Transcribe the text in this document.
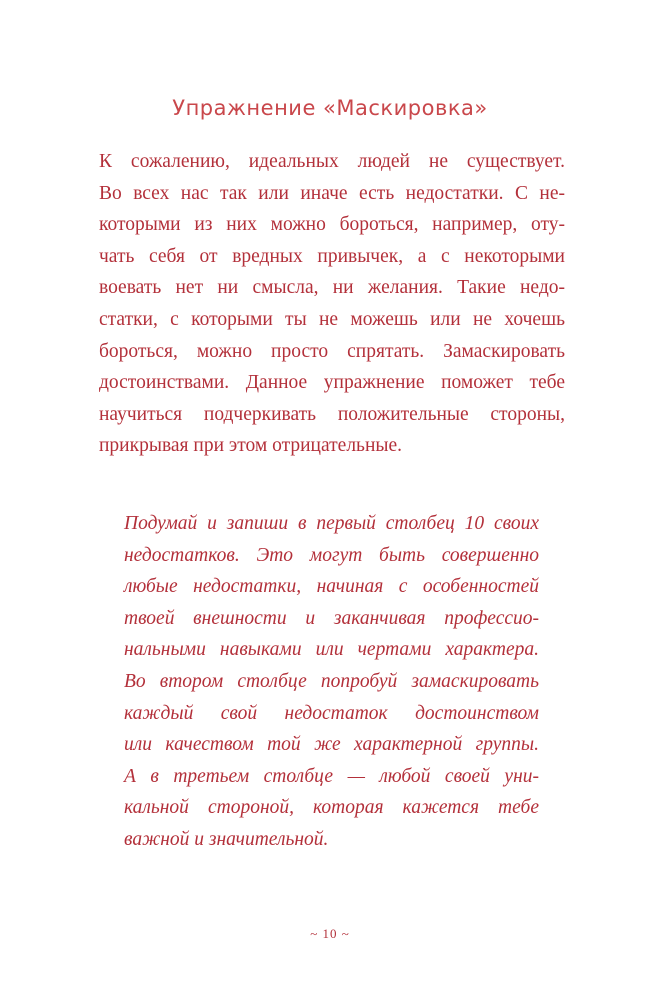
Упражнение «Маскировка»
К сожалению, идеальных людей не существует.
Во всех нас так или иначе есть недостатки. С не-
которыми из них можно бороться, например, оту-
чать себя от вредных привычек, а с некоторыми
воевать нет ни смысла, ни желания. Такие недо-
статки, с которыми ты не можешь или не хочешь
бороться, можно просто спрятать. Замаскировать
достоинствами. Данное упражнение поможет тебе
научиться подчеркивать положительные стороны,
прикрывая при этом отрицательные.
Подумай и запиши в первый столбец 10 своих
недостатков. Это могут быть совершенно
любые недостатки, начиная с особенностей
твоей внешности и заканчивая профессио-
нальными навыками или чертами характера.
Во втором столбце попробуй замаскировать
каждый свой недостаток достоинством
или качеством той же характерной группы.
А в третьем столбце — любой своей уни-
кальной стороной, которая кажется тебе
важной и значительной.
~ 10 ~
